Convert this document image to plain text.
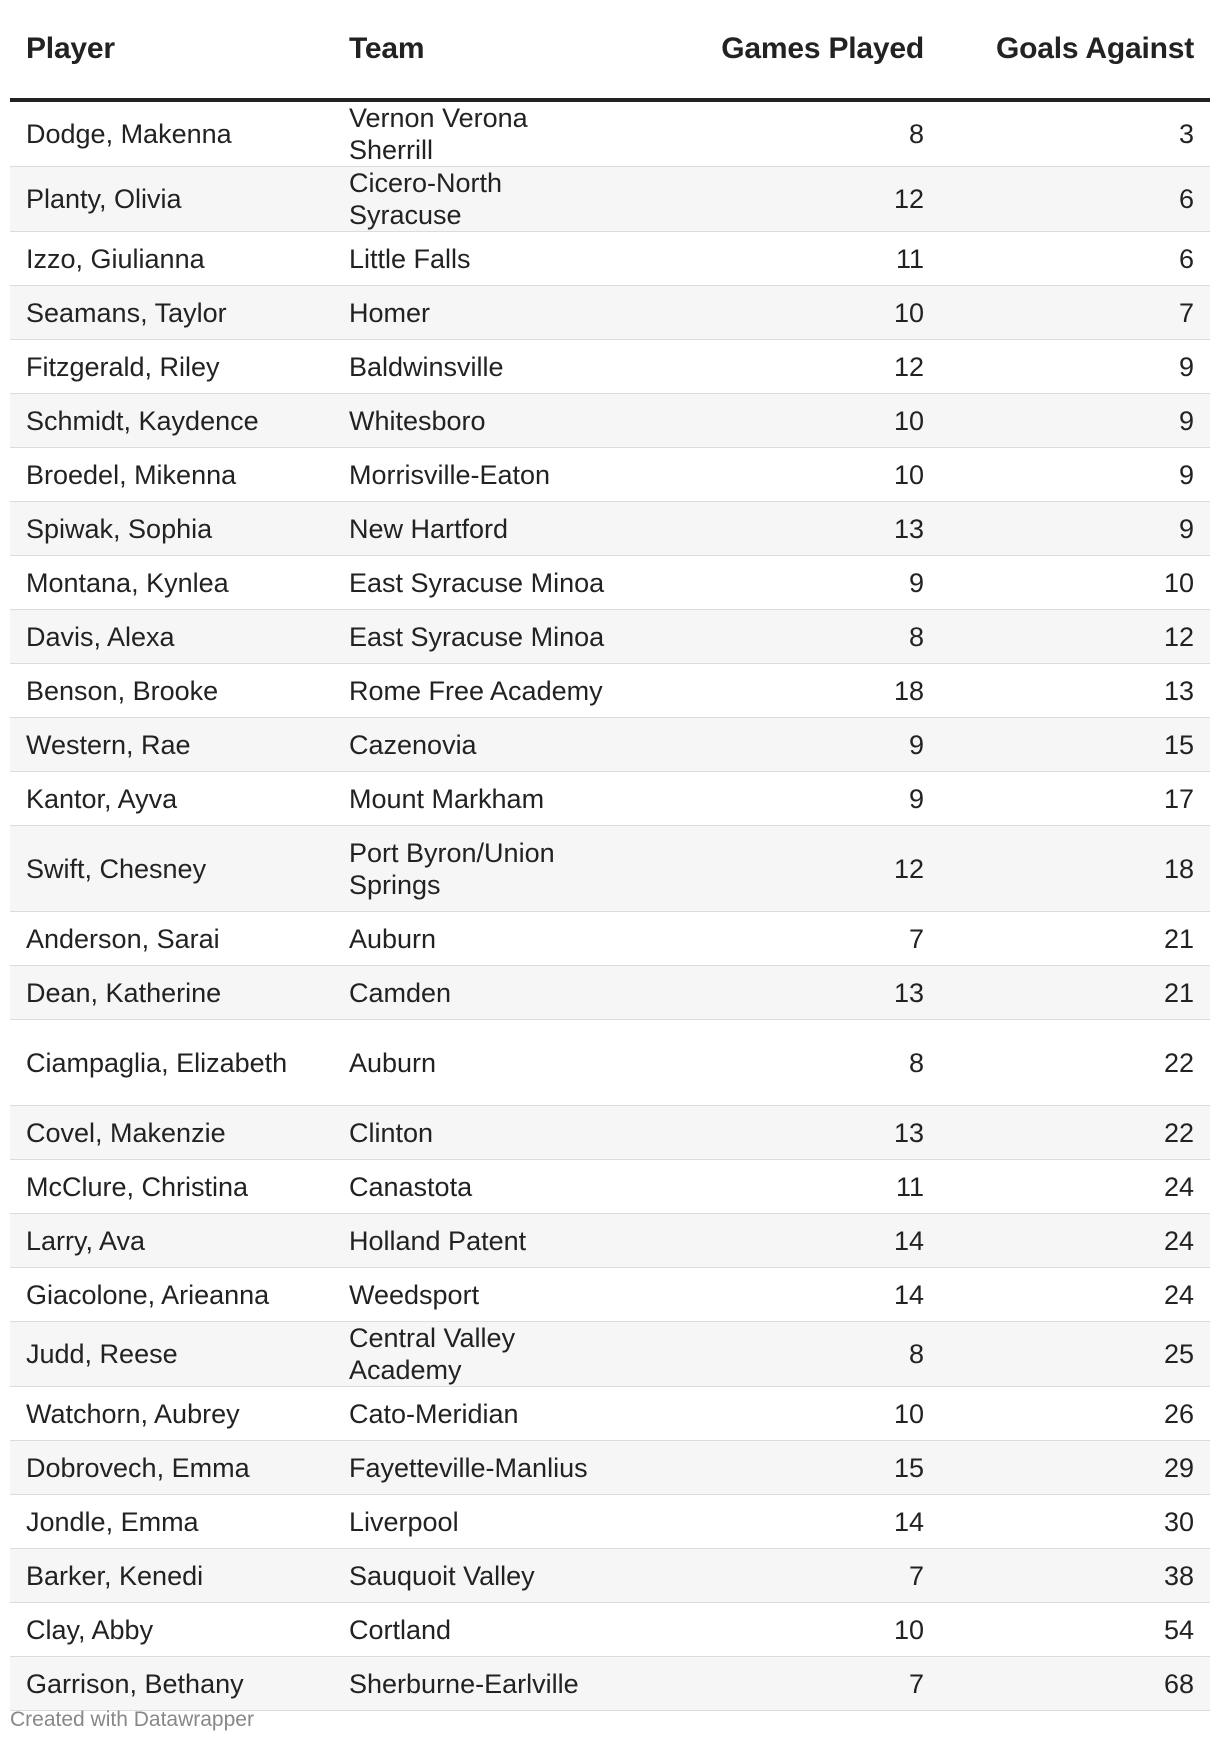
Player	Team	Games Played	Goals Against
Dodge, Makenna	Vernon Verona Sherrill	8	3
Planty, Olivia	Cicero-North Syracuse	12	6
Izzo, Giulianna	Little Falls	11	6
Seamans, Taylor	Homer	10	7
Fitzgerald, Riley	Baldwinsville	12	9
Schmidt, Kaydence	Whitesboro	10	9
Broedel, Mikenna	Morrisville-Eaton	10	9
Spiwak, Sophia	New Hartford	13	9
Montana, Kynlea	East Syracuse Minoa	9	10
Davis, Alexa	East Syracuse Minoa	8	12
Benson, Brooke	Rome Free Academy	18	13
Western, Rae	Cazenovia	9	15
Kantor, Ayva	Mount Markham	9	17
Swift, Chesney	Port Byron/Union Springs	12	18
Anderson, Sarai	Auburn	7	21
Dean, Katherine	Camden	13	21
Ciampaglia, Elizabeth	Auburn	8	22
Covel, Makenzie	Clinton	13	22
McClure, Christina	Canastota	11	24
Larry, Ava	Holland Patent	14	24
Giacolone, Arieanna	Weedsport	14	24
Judd, Reese	Central Valley Academy	8	25
Watchorn, Aubrey	Cato-Meridian	10	26
Dobrovech, Emma	Fayetteville-Manlius	15	29
Jondle, Emma	Liverpool	14	30
Barker, Kenedi	Sauquoit Valley	7	38
Clay, Abby	Cortland	10	54
Garrison, Bethany	Sherburne-Earlville	7	68
Created with Datawrapper
